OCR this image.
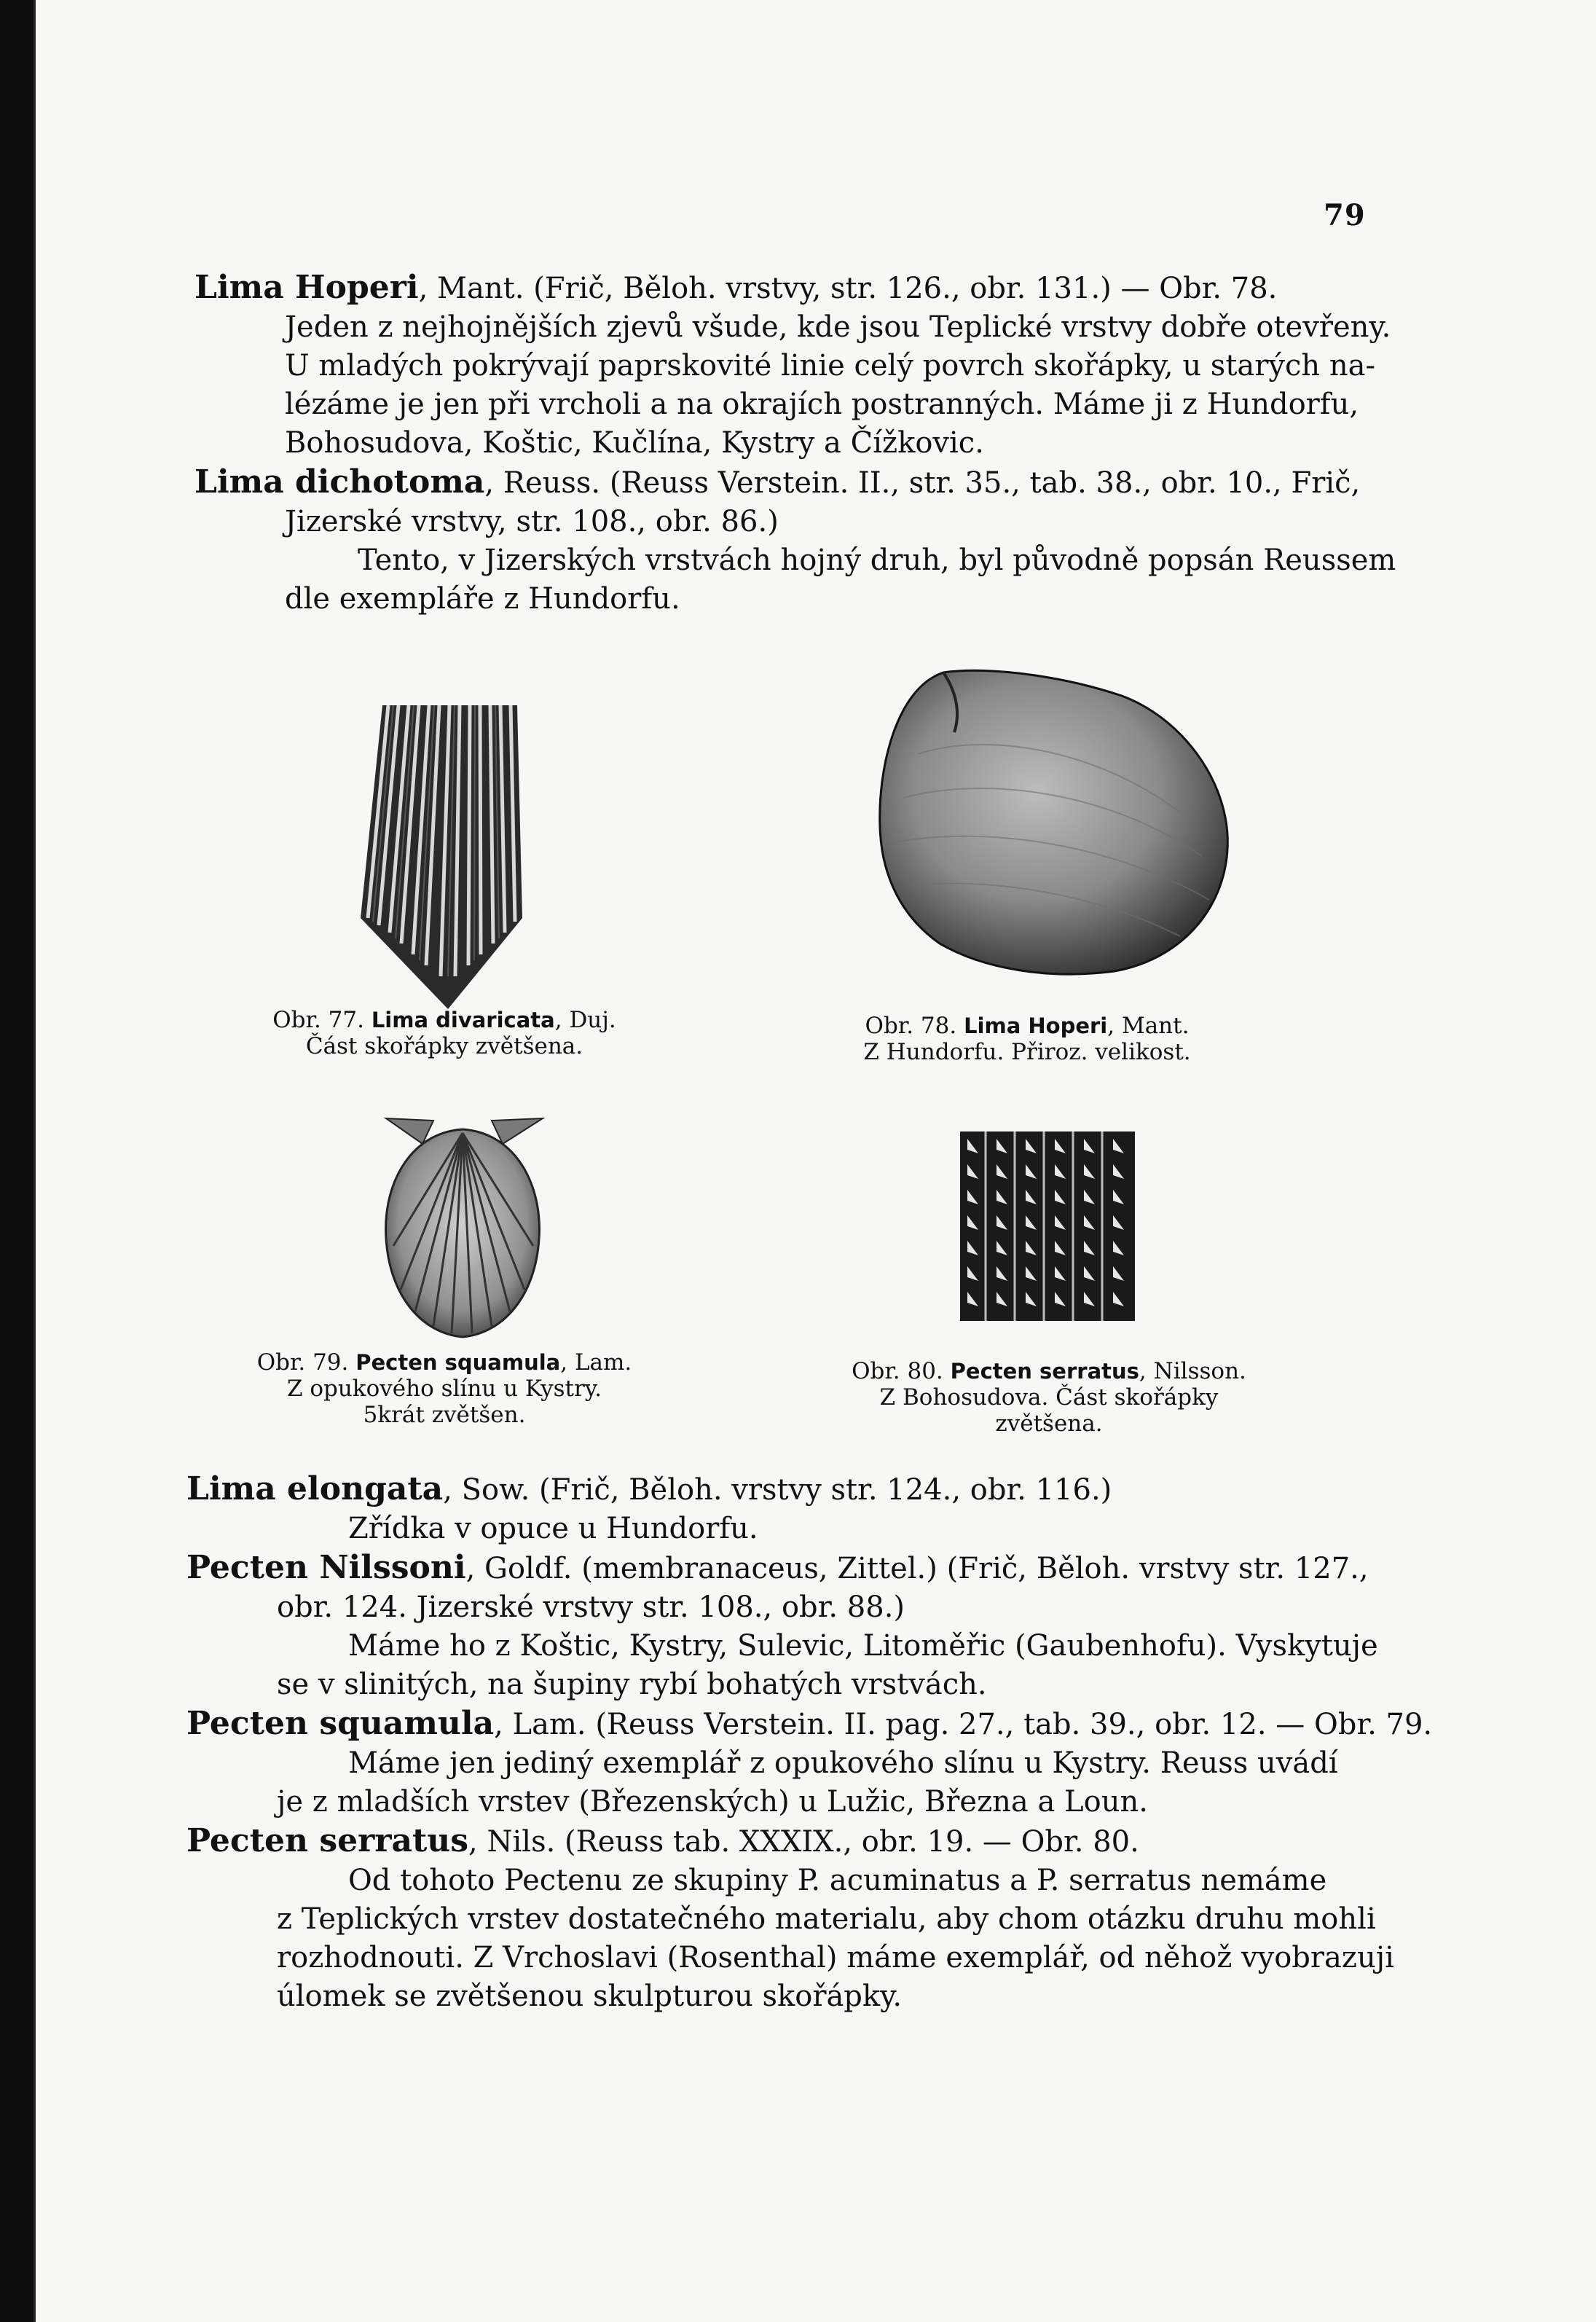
79
Lima Hoperi, Mant. (Frič, Běloh. vrstvy, str. 126., obr. 131.) — Obr. 78.
Jeden z nejhojnějších zjevů všude, kde jsou Teplické vrstvy dobře otevřeny.
U mladých pokrývají paprskovité linie celý povrch skořápky, u starých na-
lézáme je jen při vrcholi a na okrajích postranných. Máme ji z Hundorfu,
Bohosudova, Koštic, Kučlína, Kystry a Čížkovic.
Lima dichotoma, Reuss. (Reuss Verstein. II., str. 35., tab. 38., obr. 10., Frič,
Jizerské vrstvy, str. 108., obr. 86.)
Tento, v Jizerských vrstvách hojný druh, byl původně popsán Reussem
dle exempláře z Hundorfu.
Obr. 77. Lima divaricata, Duj.
Část skořápky zvětšena.
Obr. 78. Lima Hoperi, Mant.
Z Hundorfu. Přiroz. velikost.
Obr. 79. Pecten squamula, Lam.
Z opukového slínu u Kystry.
5krát zvětšen.
Obr. 80. Pecten serratus, Nilsson.
Z Bohosudova. Část skořápky
zvětšena.
Lima elongata, Sow. (Frič, Běloh. vrstvy str. 124., obr. 116.)
Zřídka v opuce u Hundorfu.
Pecten Nilssoni, Goldf. (membranaceus, Zittel.) (Frič, Běloh. vrstvy str. 127.,
obr. 124. Jizerské vrstvy str. 108., obr. 88.)
Máme ho z Koštic, Kystry, Sulevic, Litoměřic (Gaubenhofu). Vyskytuje
se v slinitých, na šupiny rybí bohatých vrstvách.
Pecten squamula, Lam. (Reuss Verstein. II. pag. 27., tab. 39., obr. 12. — Obr. 79.
Máme jen jediný exemplář z opukového slínu u Kystry. Reuss uvádí
je z mladších vrstev (Březenských) u Lužic, Března a Loun.
Pecten serratus, Nils. (Reuss tab. XXXIX., obr. 19. — Obr. 80.
Od tohoto Pectenu ze skupiny P. acuminatus a P. serratus nemáme
z Teplických vrstev dostatečného materialu, aby chom otázku druhu mohli
rozhodnouti. Z Vrchoslavi (Rosenthal) máme exemplář, od něhož vyobrazuji
úlomek se zvětšenou skulpturou skořápky.
